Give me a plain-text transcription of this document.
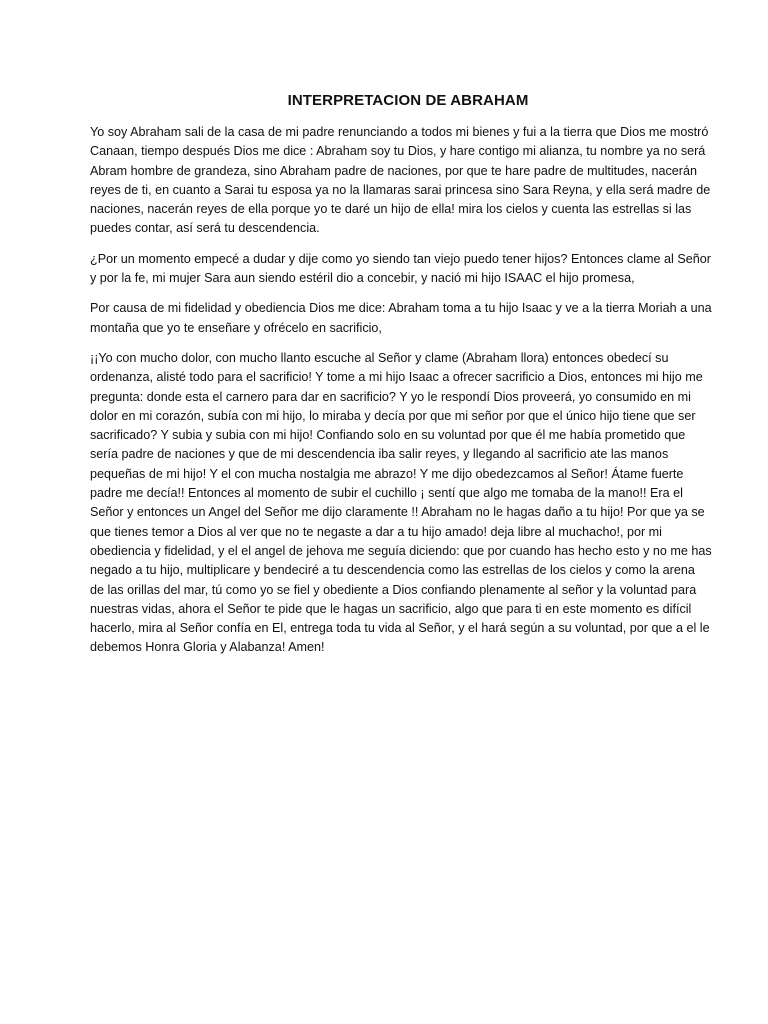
INTERPRETACION DE ABRAHAM

Yo soy Abraham sali de la casa de mi padre renunciando a todos mi bienes y fui a la tierra que Dios me mostró Canaan, tiempo después Dios me dice : Abraham soy tu Dios, y hare contigo mi alianza, tu nombre ya no será Abram hombre de grandeza, sino Abraham padre de naciones, por que te hare padre de multitudes, nacerán reyes de ti, en cuanto a Sarai tu esposa ya no la llamaras sarai princesa sino Sara Reyna, y ella será madre de naciones, nacerán reyes de ella porque yo te daré un hijo de ella! mira los cielos y cuenta las estrellas si las puedes contar, así será tu descendencia.

¿Por un momento empecé a dudar y dije como yo siendo tan viejo puedo tener hijos? Entonces clame al Señor y por la fe, mi mujer Sara aun siendo estéril dio a concebir, y nació mi hijo ISAAC el hijo promesa,

Por causa de mi fidelidad y obediencia Dios me dice: Abraham toma a tu hijo Isaac y ve a la tierra Moriah a una montaña que yo te enseñare y ofrécelo en sacrificio,

¡¡Yo con mucho dolor, con mucho llanto escuche al Señor y clame (Abraham llora) entonces obedecí su ordenanza, alisté todo para el sacrificio! Y tome a mi hijo Isaac a ofrecer sacrificio a Dios, entonces mi hijo me pregunta: donde esta el carnero para dar en sacrificio? Y yo le respondí Dios proveerá, yo consumido en mi dolor en mi corazón, subía con mi hijo, lo miraba y decía por que mi señor por que el único hijo tiene que ser sacrificado? Y subia y subia con mi hijo! Confiando solo en su voluntad por que él me había prometido que sería padre de naciones y que de mi descendencia iba salir reyes, y llegando al sacrificio ate las manos pequeñas de mi hijo! Y el con mucha nostalgia me abrazo! Y me dijo obedezcamos al Señor! Átame fuerte padre me decía!! Entonces al momento de subir el cuchillo ¡ sentí que algo me tomaba de la mano!! Era el Señor y entonces un Angel del Señor me dijo claramente !! Abraham no le hagas daño a tu hijo! Por que ya se que tienes temor a Dios al ver que no te negaste a dar a tu hijo amado! deja libre al muchacho!, por mi obediencia y fidelidad, y el el angel de jehova me seguía diciendo: que por cuando has hecho esto y no me has negado a tu hijo, multiplicare y bendeciré a tu descendencia como las estrellas de los cielos y como la arena de las orillas del mar, tú como yo se fiel y obediente a Dios confiando plenamente al señor y la voluntad para nuestras vidas, ahora el Señor te pide que le hagas un sacrificio, algo que para ti en este momento es difícil hacerlo, mira al Señor confía en El, entrega toda tu vida al Señor, y el hará según a su voluntad, por que a el le debemos Honra Gloria y Alabanza! Amen!
